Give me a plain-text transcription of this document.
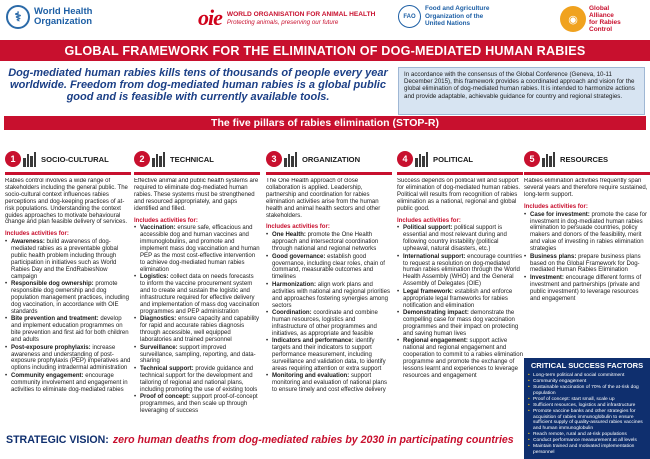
⚕	World Health
Organization	oie WORLD ORGANISATION FOR ANIMAL HEALTH
Protecting animals, preserving our future
FAO
Food and Agriculture
Organization of the
United Nations	◉
Global
Alliance
for Rabies
Control
GLOBAL FRAMEWORK FOR THE ELIMINATION OF DOG-MEDIATED HUMAN RABIES
Dog-mediated human rabies kills tens of thousands of people every year worldwide. Freedom from dog-mediated human rabies is a global public good and is feasible with currently available tools.
In accordance with the consensus of the Global Conference (Geneva, 10-11 December 2015), this framework provides a coordinated approach and vision for the global elimination of dog-mediated human rabies. It is intended to harmonize actions and provide adaptable, achievable guidance for country and regional strategies.
The five pillars of rabies elimination (STOP-R)
1	SOCIO-CULTURAL

Rabies control involves a wide range of stakeholders including the general public. The socio-cultural context influences rabies perceptions and dog-keeping practices of at-risk populations. Understanding the context guides approaches to motivate behavioural change and plan feasible delivery of services.

Includes activities for:
• Awareness: build awareness of dog-mediated rabies as a preventable global public health problem including through participation in initiatives such as World Rabies Day and the EndRabiesNow campaign
• Responsible dog ownership: promote responsible dog ownership and dog population management practices, including dog vaccination, in accordance with OIE standards
• Bite prevention and treatment: develop and implement education programmes on bite prevention and first aid for both children and adults
• Post-exposure prophylaxis: increase awareness and understanding of post-exposure prophylaxis (PEP) imperatives and options including intradermal administration
• Community engagement: encourage community involvement and engagement in activities to eliminate dog-mediated rabies
2	TECHNICAL

Effective animal and public health systems are required to eliminate dog-mediated human rabies. These systems must be strengthened and resourced appropriately, and gaps identified and filled.

Includes activities for:
• Vaccination: ensure safe, efficacious and accessible dog and human vaccines and immunoglobulins, and promote and implement mass dog vaccination and human PEP as the most cost-effective intervention to achieve dog-mediated human rabies elimination
• Logistics: collect data on needs forecasts to inform the vaccine procurement system and to create and sustain the logistic and infrastructure required for effective delivery and implementation of mass dog vaccination programmes and PEP administration
• Diagnostics: ensure capacity and capability for rapid and accurate rabies diagnosis through accessible, well equipped laboratories and trained personnel
• Surveillance: support improved surveillance, sampling, reporting, and data-sharing
• Technical support: provide guidance and technical support for the development and tailoring of regional and national plans, including promoting the use of existing tools
• Proof of concept: support proof-of-concept programmes, and then scale up through leveraging of success
3	ORGANIZATION

The One Health approach of close collaboration is applied. Leadership, partnership and coordination for rabies elimination activities arise from the human health and animal health sectors and other stakeholders.

Includes activities for:
• One Health: promote the One Health approach and intersectoral coordination through national and regional networks
• Good governance: establish good governance, including clear roles, chain of command, measurable outcomes and timelines
• Harmonization: align work plans and activities with national and regional priorities and approaches fostering synergies among sectors
• Coordination: coordinate and combine human resources, logistics and infrastructure of other programmes and initiatives, as appropriate and feasible
• Indicators and performance: identify targets and their indicators to support performance measurement, including surveillance and validation data, to identify areas requiring attention or extra support
• Monitoring and evaluation: support monitoring and evaluation of national plans to ensure timely and cost effective delivery
4	POLITICAL

Success depends on political will and support for elimination of dog-mediated human rabies. Political will results from recognition of rabies elimination as a national, regional and global public good.

Includes activities for:
• Political support: political support is essential and most relevant during and following country instability (political upheaval, natural disasters, etc.)
• International support: encourage countries to request a resolution on dog-mediated human rabies elimination through the World Health Assembly (WHO) and the General Assembly of Delegates (OIE)
• Legal framework: establish and enforce appropriate legal frameworks for rabies notification and elimination
• Demonstrating impact: demonstrate the compelling case for mass dog vaccination programmes and their impact on protecting and saving human lives
• Regional engagement: support active national and regional engagement and cooperation to commit to a rabies elimination programme and promote the exchange of lessons learnt and experiences to leverage resources and engagement
5	RESOURCES

Rabies elimination activities frequently span several years and therefore require sustained, long-term support.

Includes activities for:
• Case for investment: promote the case for investment in dog-mediated human rabies elimination to persuade countries, policy makers and donors of the feasibility, merit and value of investing in rabies elimination strategies
• Business plans: prepare business plans based on the Global Framework for Dog-mediated Human Rabies Elimination
• Investment: encourage different forms of investment and partnerships (private and public investment) to leverage resources and engagement
CRITICAL SUCCESS FACTORS
• Long-term political and social commitment
• Community engagement
• Sustainable vaccination of 70% of the at-risk dog population
• Proof of concept: start small, scale up
• Sufficient resources, logistics and infrastructure
• Promote vaccine banks and other strategies for acquisition of rabies immunoglobulin to ensure sufficient supply of quality-assured rabies vaccines and human immunoglobulin
• Reach remote, rural and at-risk populations
• Conduct performance measurement at all levels
• Maintain trained and motivated implementation personnel
STRATEGIC VISION: zero human deaths from dog-mediated rabies by 2030 in participating countries
